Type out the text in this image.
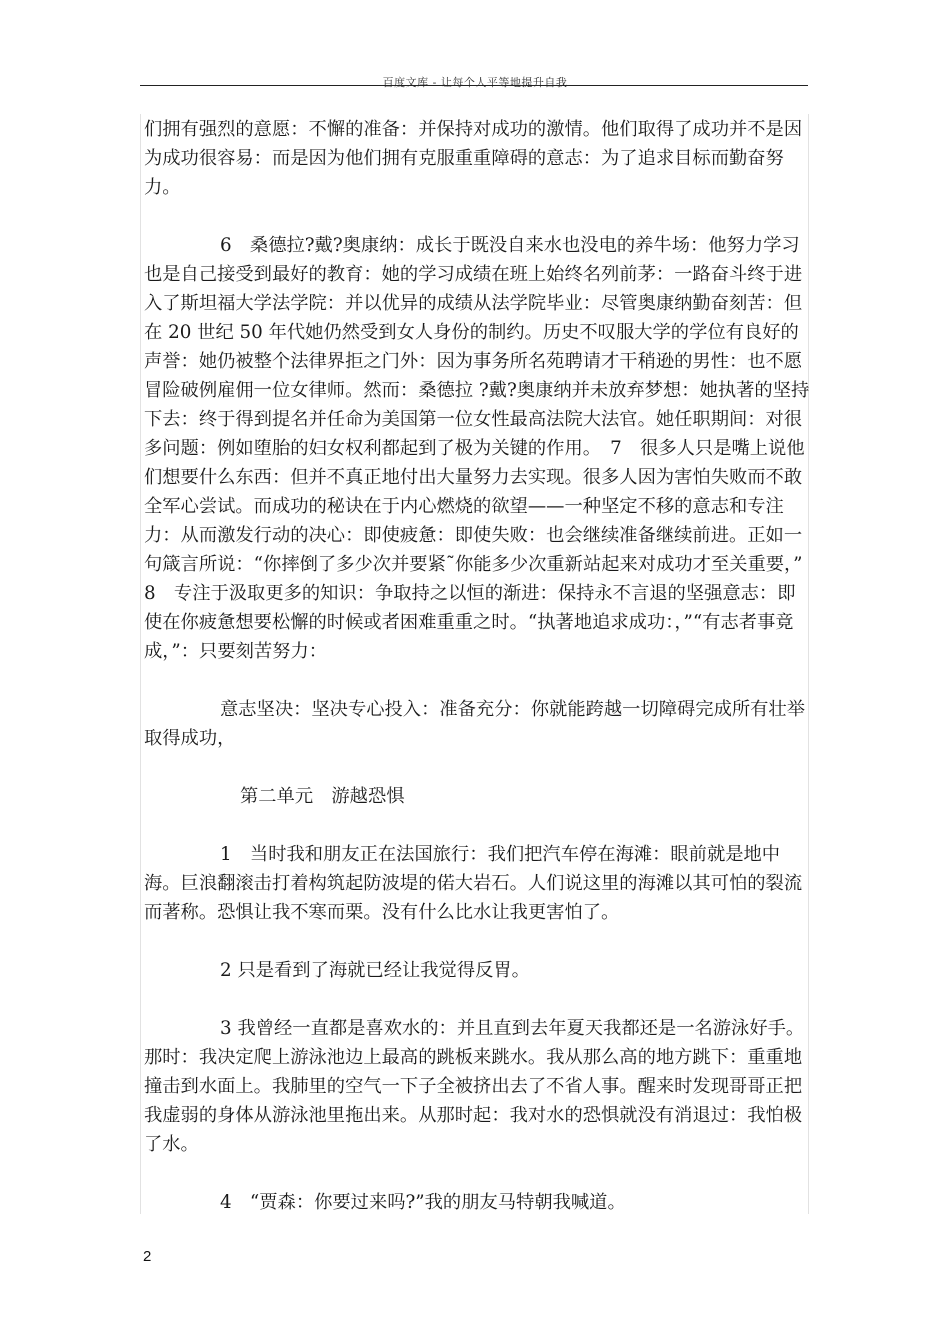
百度文库 - 让每个人平等地提升自我

们拥有强烈的意愿：不懈的准备：并保持对成功的激情。他们取得了成功并不是因为成功很容易：而是因为他们拥有克服重重障碍的意志：为了追求目标而勤奋努力。

6　桑德拉?戴?奥康纳：成长于既没自来水也没电的养牛场：他努力学习也是自己接受到最好的教育：她的学习成绩在班上始终名列前茅：一路奋斗终于进入了斯坦福大学法学院：并以优异的成绩从法学院毕业：尽管奥康纳勤奋刻苦：但在 20 世纪 50 年代她仍然受到女人身份的制约。历史不叹服大学的学位有良好的声誉：她仍被整个法律界拒之门外：因为事务所名苑聘请才干稍逊的男性：也不愿冒险破例雇佣一位女律师。然而：桑德拉 ?戴?奥康纳并未放弃梦想：她执著的坚持下去：终于得到提名并任命为美国第一位女性最高法院大法官。她任职期间：对很多问题：例如堕胎的妇女权利都起到了极为关键的作用。　7　很多人只是嘴上说他们想要什么东西：但并不真正地付出大量努力去实现。很多人因为害怕失败而不敢全军心尝试。而成功的秘诀在于内心燃烧的欲望——一种坚定不移的意志和专注力：从而激发行动的决心：即使疲惫：即使失败：也会继续准备继续前进。正如一句箴言所说：“你摔倒了多少次并要紧˜你能多少次重新站起来对成功才至关重要，”　8　专注于汲取更多的知识：争取持之以恒的渐进：保持永不言退的坚强意志：即使在你疲惫想要松懈的时候或者困难重重之时。“执著地追求成功：，”“有志者事竟成，”：只要刻苦努力：

意志坚决：坚决专心投入：准备充分：你就能跨越一切障碍完成所有壮举取得成功，

第二单元　游越恐惧

1　当时我和朋友正在法国旅行：我们把汽车停在海滩：眼前就是地中海。巨浪翻滚击打着构筑起防波堤的偌大岩石。人们说这里的海滩以其可怕的裂流而著称。恐惧让我不寒而栗。没有什么比水让我更害怕了。

2 只是看到了海就已经让我觉得反胃。

3 我曾经一直都是喜欢水的：并且直到去年夏天我都还是一名游泳好手。那时：我决定爬上游泳池边上最高的跳板来跳水。我从那么高的地方跳下：重重地撞击到水面上。我肺里的空气一下子全被挤出去了不省人事。醒来时发现哥哥正把我虚弱的身体从游泳池里拖出来。从那时起：我对水的恐惧就没有消退过：我怕极了水。

4　“贾森：你要过来吗?”我的朋友马特朝我喊道。

2
